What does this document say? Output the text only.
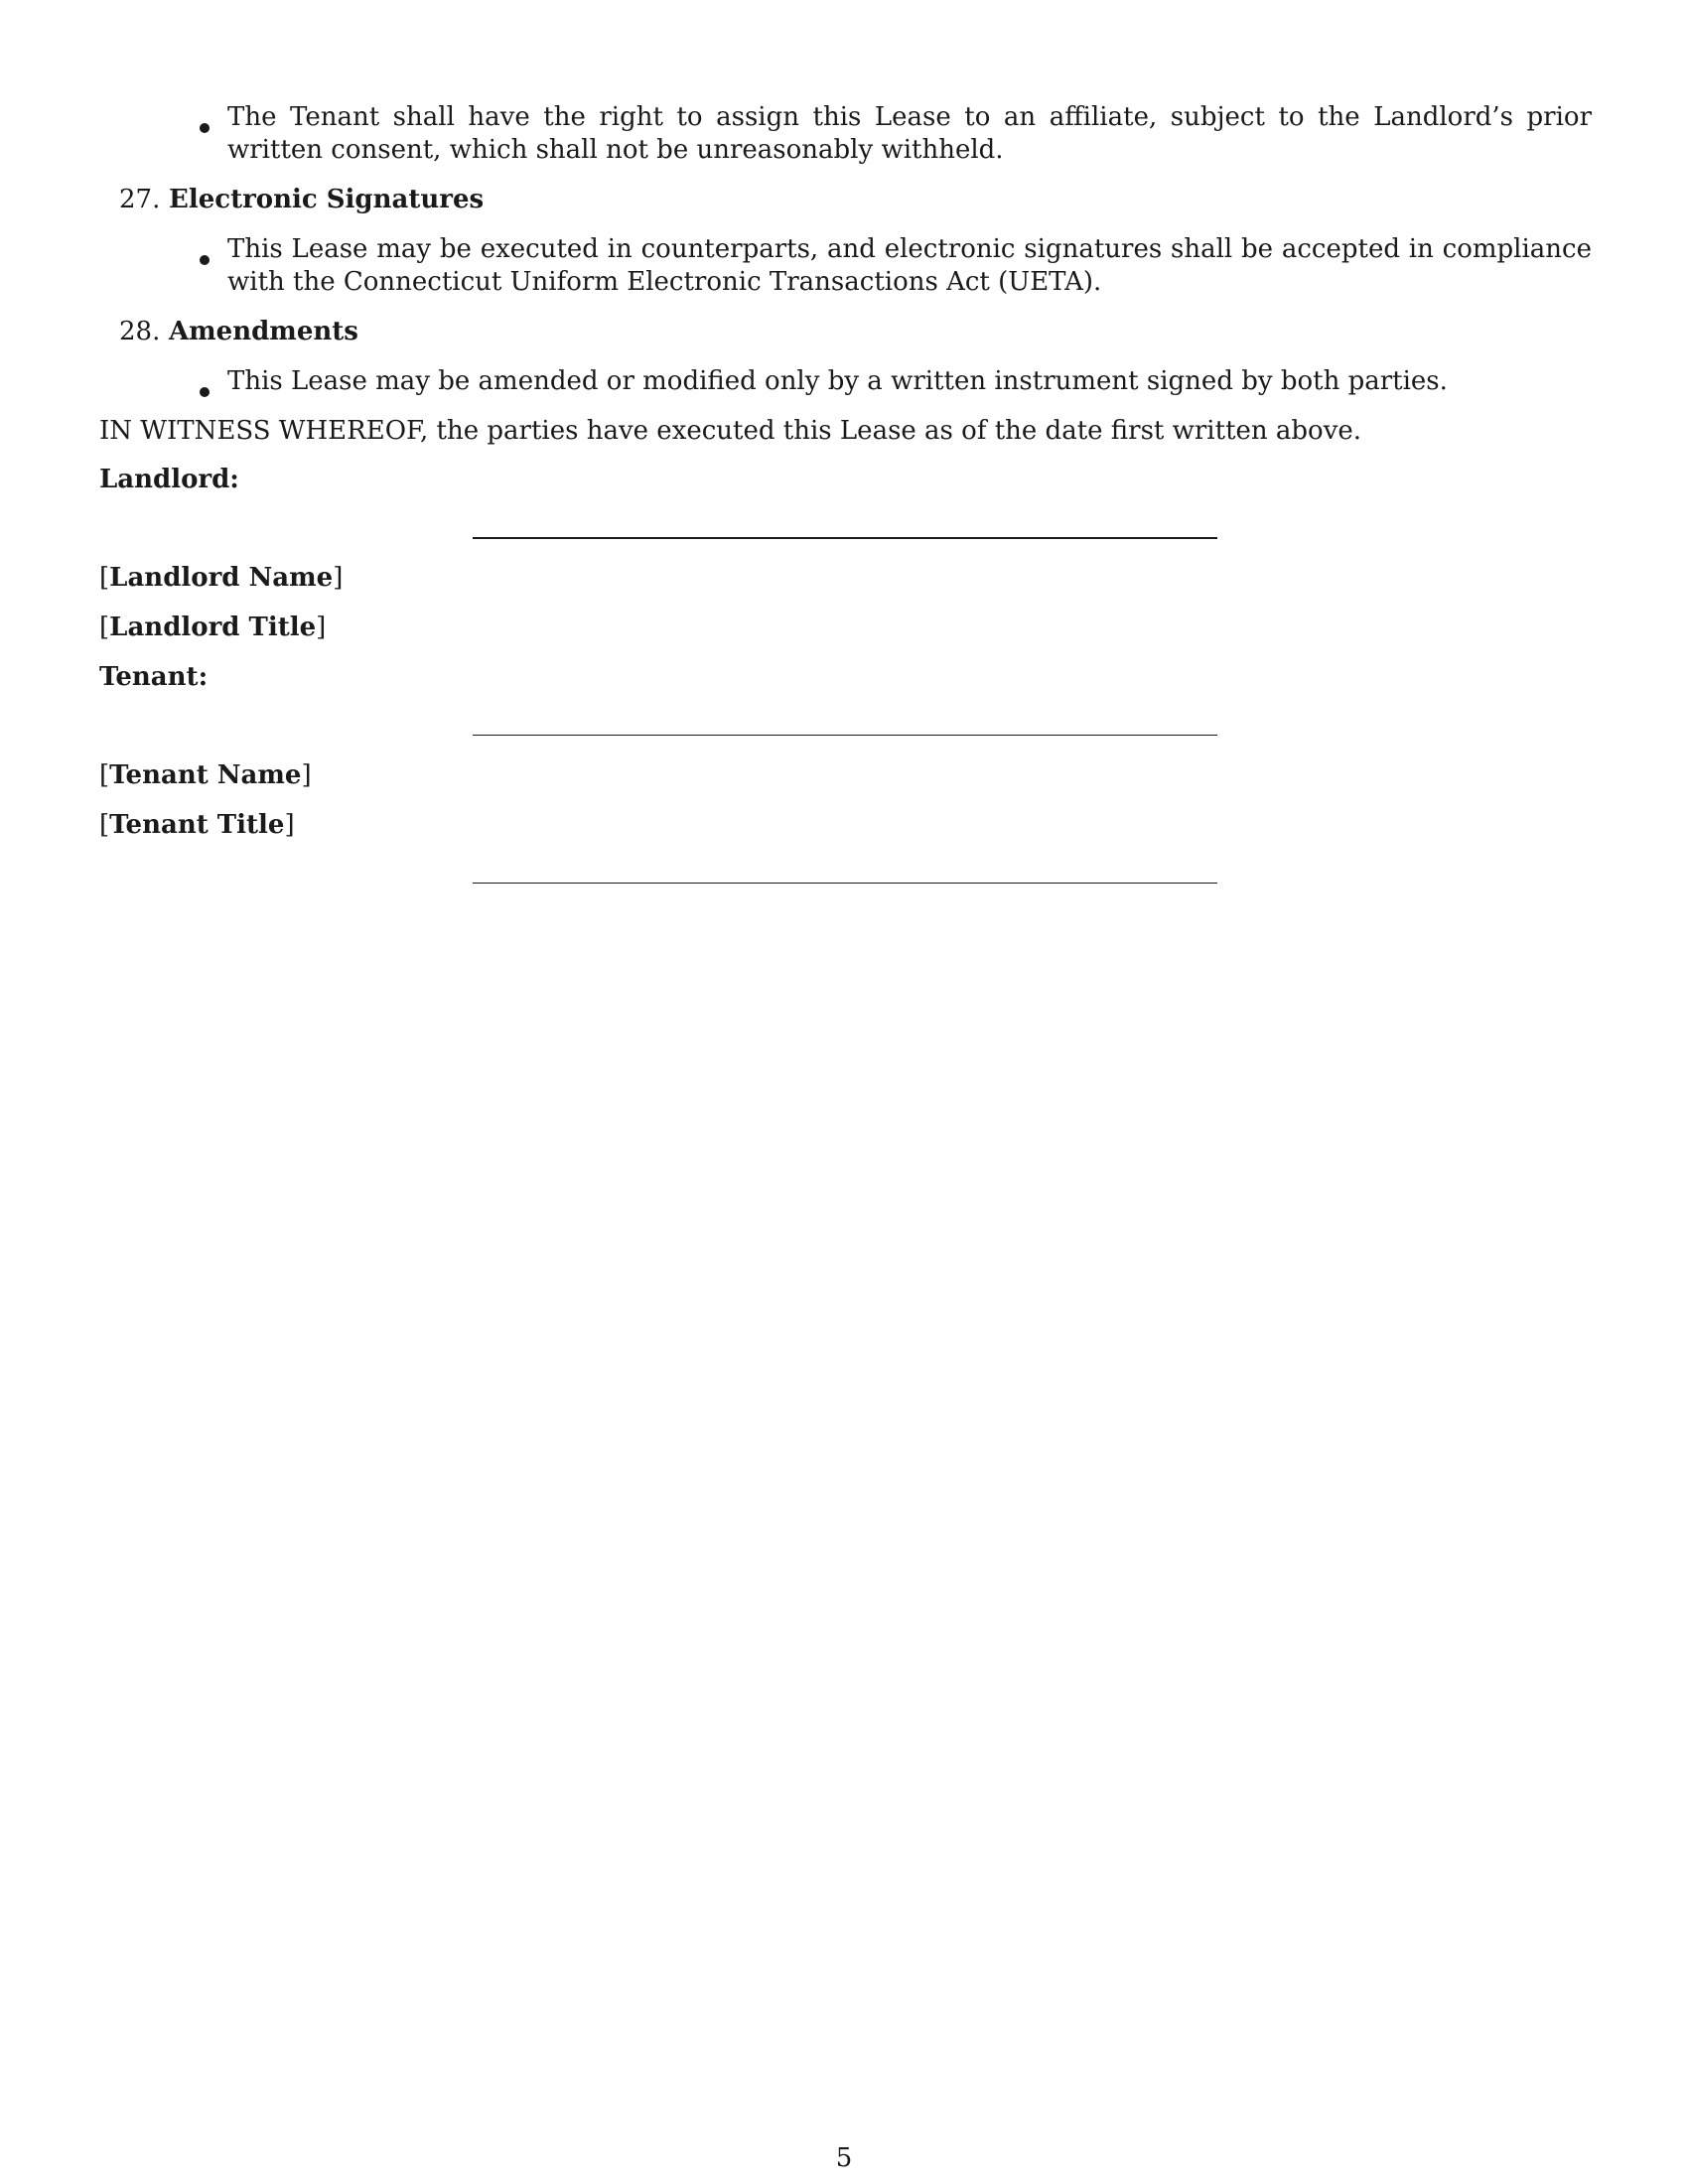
The Tenant shall have the right to assign this Lease to an affiliate, subject to the Landlord’s prior written consent, which shall not be unreasonably withheld.
27. Electronic Signatures
This Lease may be executed in counterparts, and electronic signatures shall be accepted in compliance with the Connecticut Uniform Electronic Transactions Act (UETA).
28. Amendments
This Lease may be amended or modified only by a written instrument signed by both parties.
IN WITNESS WHEREOF, the parties have executed this Lease as of the date first written above.
Landlord:
[Landlord Name]
[Landlord Title]
Tenant:
[Tenant Name]
[Tenant Title]
5
